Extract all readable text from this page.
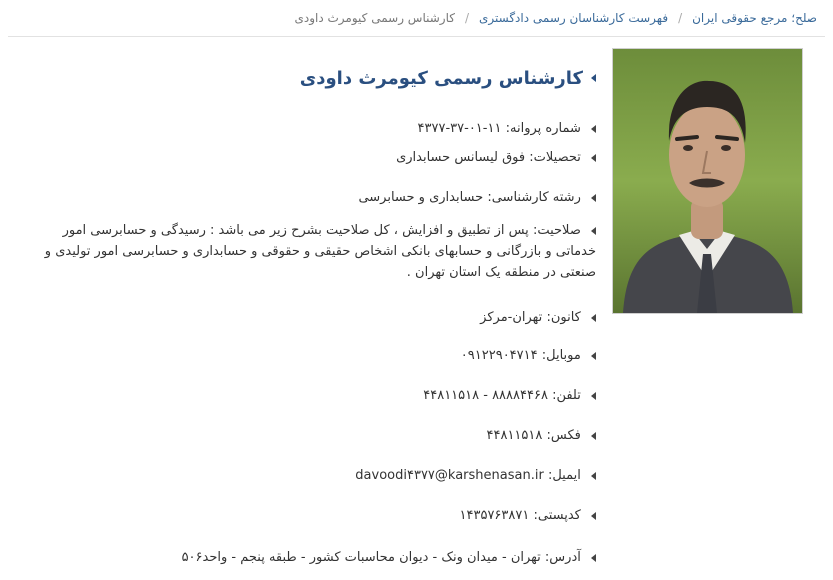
صلح؛ مرجع حقوقی ایران
/
فهرست کارشناسان رسمی دادگستری
/
کارشناس رسمی کیومرث داودی
کارشناس رسمی کیومرث داودی
شماره پروانه: ۱۱-۰۱-۳۷-۴۳۷۷
تحصیلات: فوق لیسانس حسابداری
رشته کارشناسی: حسابداری و حسابرسی
صلاحیت: پس از تطبیق و افزایش ، کل صلاحیت بشرح زیر می باشد : رسیدگی و حسابرسی امور خدماتی و بازرگانی و حسابهای بانکی اشخاص حقیقی و حقوقی و حسابداری و حسابرسی امور تولیدی و صنعتی در منطقه یک استان تهران .
کانون: تهران-مرکز
موبایل: ۰۹۱۲۲۹۰۴۷۱۴
تلفن: ۴۴۸۱۱۵۱۸ - ۸۸۸۸۴۴۶۸
فکس: ۴۴۸۱۱۵۱۸
ایمیل: davoodi۴۳۷۷@karshenasan.ir
کدپستی: ۱۴۳۵۷۶۳۸۷۱
آدرس: تهران - میدان ونک - دیوان محاسبات کشور - طبقه پنجم - واحد۵۰۶
